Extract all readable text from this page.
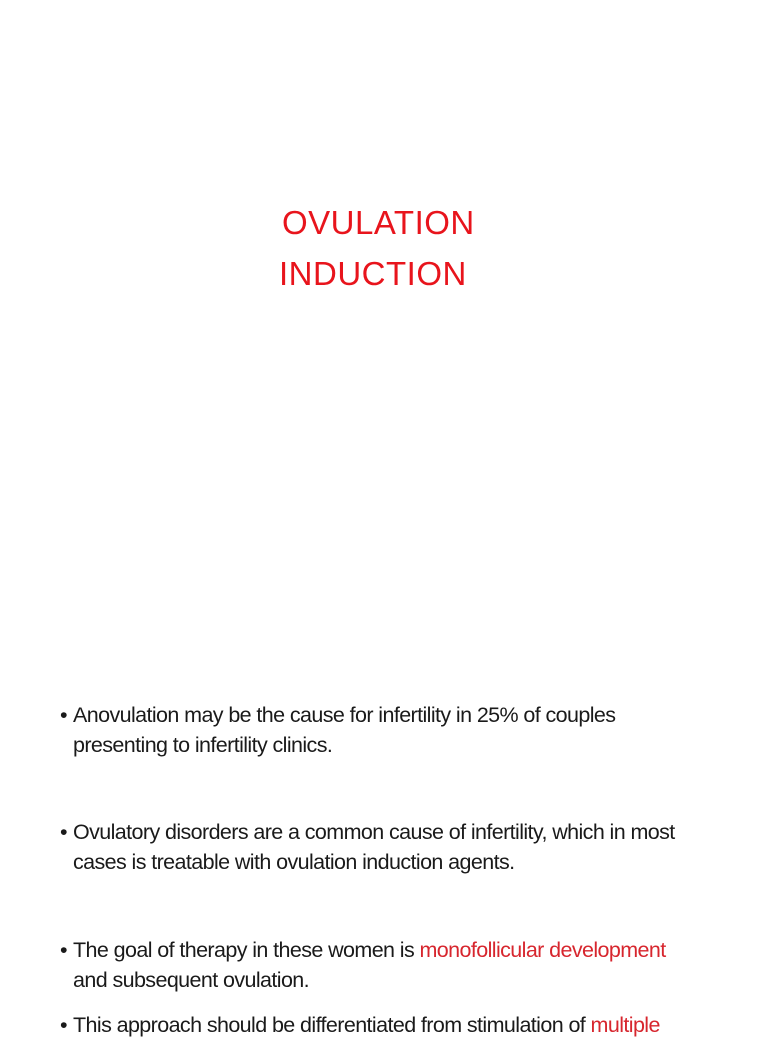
OVULATION
INDUCTION
• Anovulation may be the cause for infertility in 25% of couples presenting to infertility clinics.
• Ovulatory disorders are a common cause of infertility, which in most cases is treatable with ovulation induction agents.
• The goal of therapy in these women is monofollicular development and subsequent ovulation.
• This approach should be differentiated from stimulation of multiple
